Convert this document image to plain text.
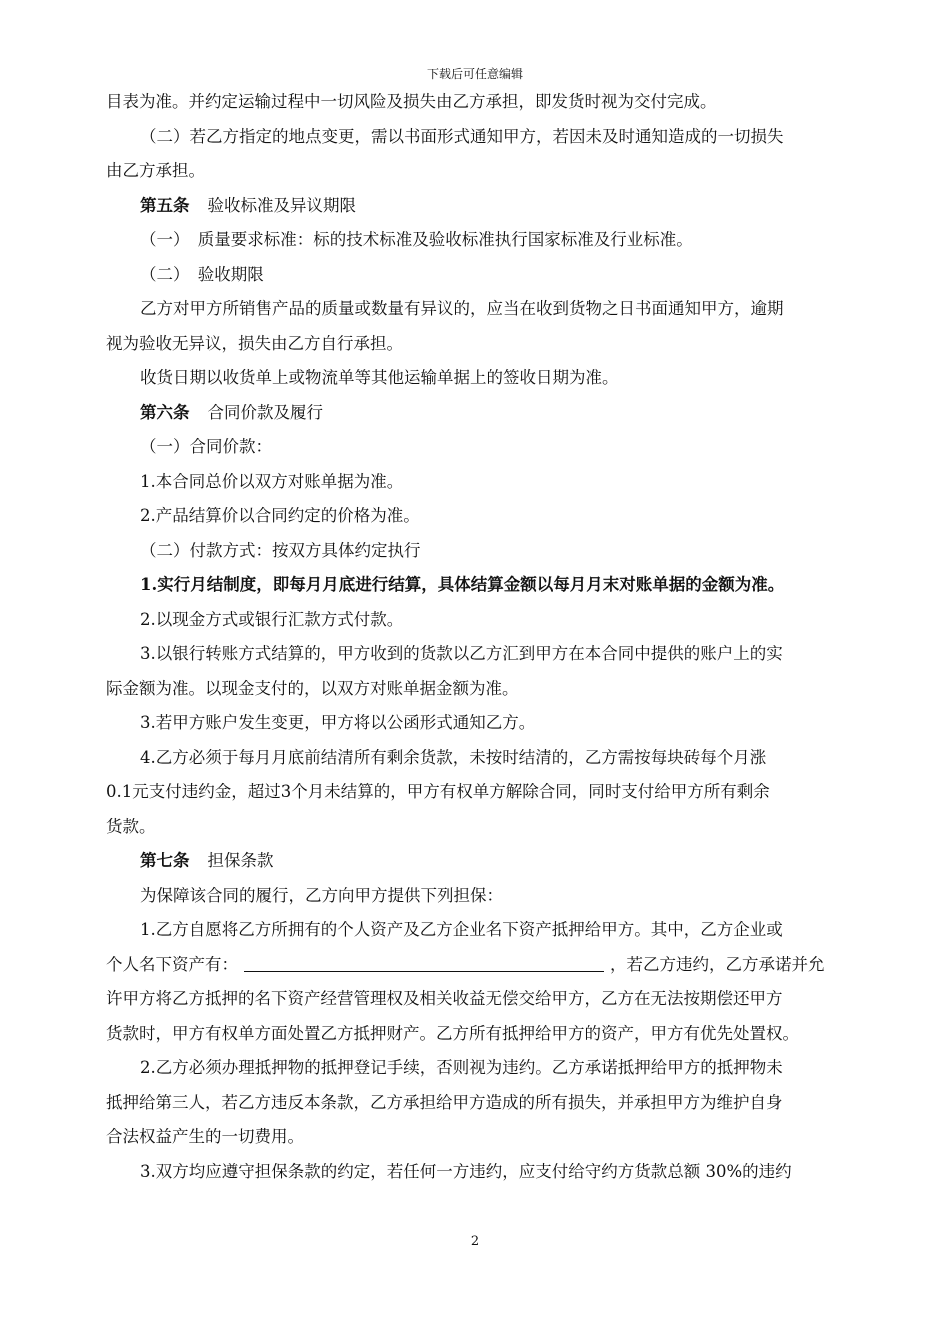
下载后可任意编辑

目表为准。并约定运输过程中一切风险及损失由乙方承担，即发货时视为交付完成。

（二）若乙方指定的地点变更，需以书面形式通知甲方，若因未及时通知造成的一切损失

由乙方承担。

第五条 验收标准及异议期限

（一）　质量要求标准：标的技术标准及验收标准执行国家标准及行业标准。

（二）　验收期限

乙方对甲方所销售产品的质量或数量有异议的，应当在收到货物之日书面通知甲方，逾期

视为验收无异议，损失由乙方自行承担。

收货日期以收货单上或物流单等其他运输单据上的签收日期为准。

第六条 合同价款及履行

（一）合同价款：

1.本合同总价以双方对账单据为准。

2.产品结算价以合同约定的价格为准。

（二）付款方式：按双方具体约定执行

1.实行月结制度，即每月月底进行结算，具体结算金额以每月月末对账单据的金额为准。

2.以现金方式或银行汇款方式付款。

3.以银行转账方式结算的，甲方收到的货款以乙方汇到甲方在本合同中提供的账户上的实

际金额为准。以现金支付的，以双方对账单据金额为准。

3.若甲方账户发生变更，甲方将以公函形式通知乙方。

4.乙方必须于每月月底前结清所有剩余货款，未按时结清的，乙方需按每块砖每个月涨

0.1元支付违约金，超过3个月未结算的，甲方有权单方解除合同，同时支付给甲方所有剩余

货款。

第七条 担保条款

为保障该合同的履行，乙方向甲方提供下列担保：

1.乙方自愿将乙方所拥有的个人资产及乙方企业名下资产抵押给甲方。其中，乙方企业或

个人名下资产有：	，若乙方违约，乙方承诺并允

许甲方将乙方抵押的名下资产经营管理权及相关收益无偿交给甲方，乙方在无法按期偿还甲方

货款时，甲方有权单方面处置乙方抵押财产。乙方所有抵押给甲方的资产，甲方有优先处置权。

2.乙方必须办理抵押物的抵押登记手续，否则视为违约。乙方承诺抵押给甲方的抵押物未

抵押给第三人，若乙方违反本条款，乙方承担给甲方造成的所有损失，并承担甲方为维护自身

合法权益产生的一切费用。

3.双方均应遵守担保条款的约定，若任何一方违约，应支付给守约方货款总额 30%的违约

2
